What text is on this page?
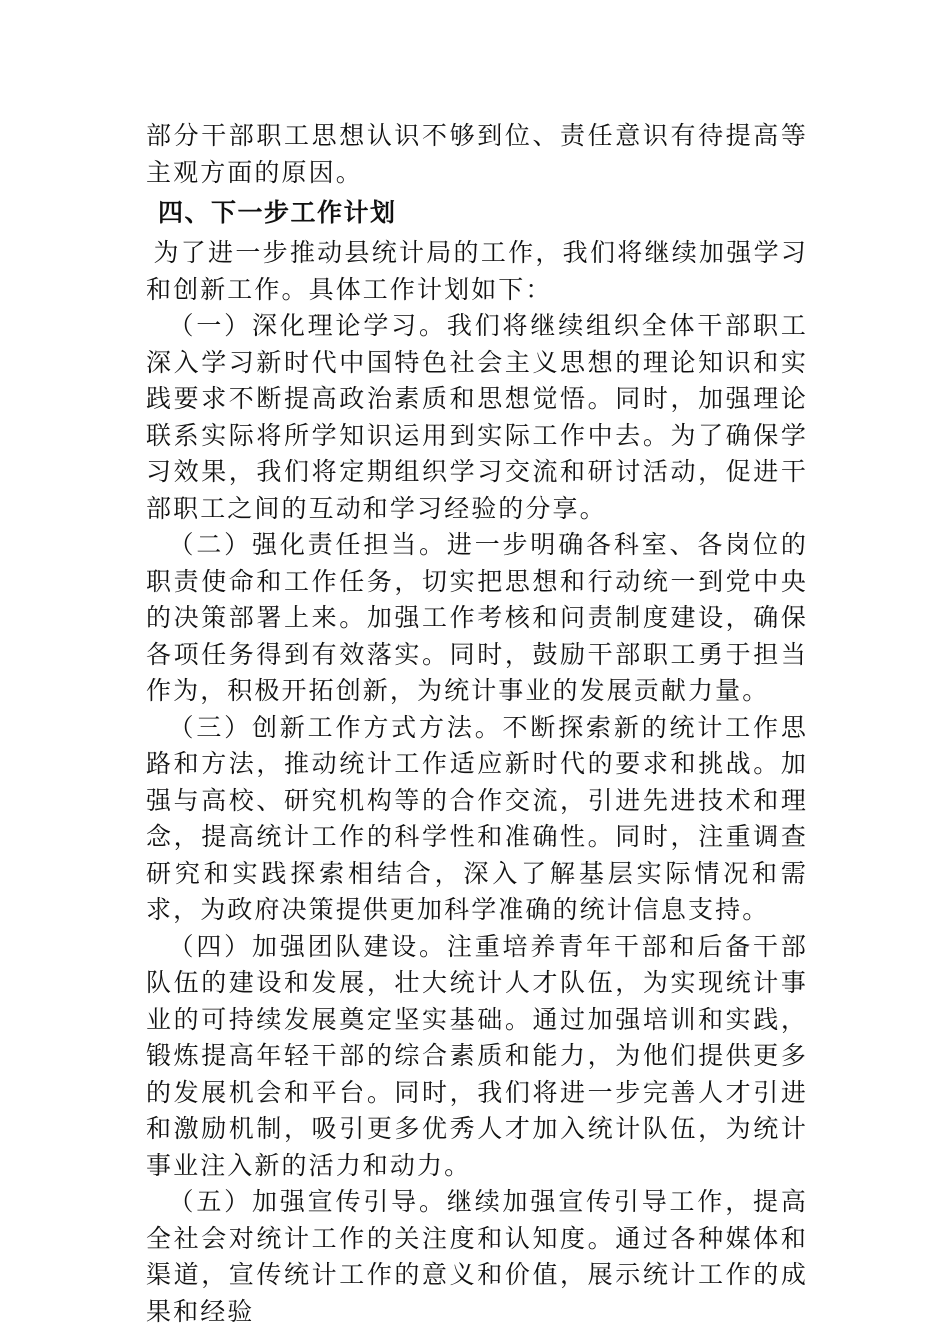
部分干部职工思想认识不够到位、责任意识有待提高等主观方面的原因。

四、下一步工作计划

为了进一步推动县统计局的工作，我们将继续加强学习和创新工作。具体工作计划如下：

（一）深化理论学习。我们将继续组织全体干部职工深入学习新时代中国特色社会主义思想的理论知识和实践要求不断提高政治素质和思想觉悟。同时，加强理论联系实际将所学知识运用到实际工作中去。为了确保学习效果，我们将定期组织学习交流和研讨活动，促进干部职工之间的互动和学习经验的分享。

（二）强化责任担当。进一步明确各科室、各岗位的职责使命和工作任务，切实把思想和行动统一到党中央的决策部署上来。加强工作考核和问责制度建设，确保各项任务得到有效落实。同时，鼓励干部职工勇于担当作为，积极开拓创新，为统计事业的发展贡献力量。

（三）创新工作方式方法。不断探索新的统计工作思路和方法，推动统计工作适应新时代的要求和挑战。加强与高校、研究机构等的合作交流，引进先进技术和理念，提高统计工作的科学性和准确性。同时，注重调查研究和实践探索相结合，深入了解基层实际情况和需求，为政府决策提供更加科学准确的统计信息支持。

（四）加强团队建设。注重培养青年干部和后备干部队伍的建设和发展，壮大统计人才队伍，为实现统计事业的可持续发展奠定坚实基础。通过加强培训和实践，锻炼提高年轻干部的综合素质和能力，为他们提供更多的发展机会和平台。同时，我们将进一步完善人才引进和激励机制，吸引更多优秀人才加入统计队伍，为统计事业注入新的活力和动力。

（五）加强宣传引导。继续加强宣传引导工作，提高全社会对统计工作的关注度和认知度。通过各种媒体和渠道，宣传统计工作的意义和价值，展示统计工作的成果和经验
